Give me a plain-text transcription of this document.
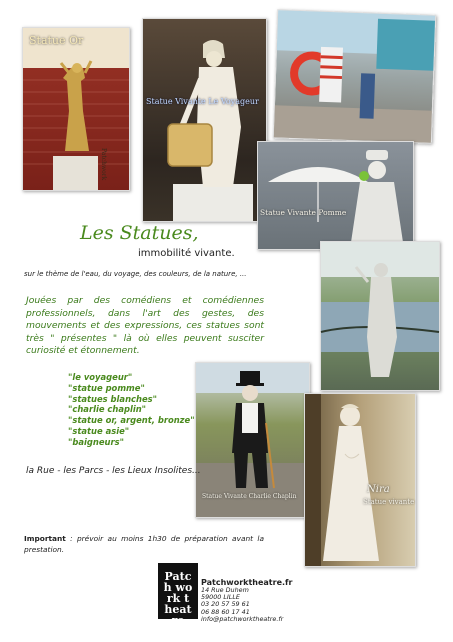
Statue Or
Patchwork
Statue Vivante Le Voyageur
Statue Vivante Pomme
Statue Vivante Charlie Chaplin
Nira
Statue vivante
Les Statues,
immobilité vivante.
sur le thème de l'eau, du voyage, des couleurs, de la nature, ...
Jouées par des comédiens et comédiennes professionnels, dans l'art des gestes, des mouvements et des expressions, ces statues sont très " présentes " là où elles peuvent susciter curiosité et étonnement.
"le voyageur"
"statue pomme"
"statues blanches"
"charlie chaplin"
"statue or, argent, bronze"
"statue asie"
"baigneurs"
la Rue - les Parcs - les Lieux Insolites...
Important : prévoir au moins 1h30 de préparation avant la prestation.
Patch work theatre
Patchworktheatre.fr
14 Rue Duhem
59000 LILLE
03 20 57 59 61
06 88 60 17 41
info@patchworktheatre.fr
